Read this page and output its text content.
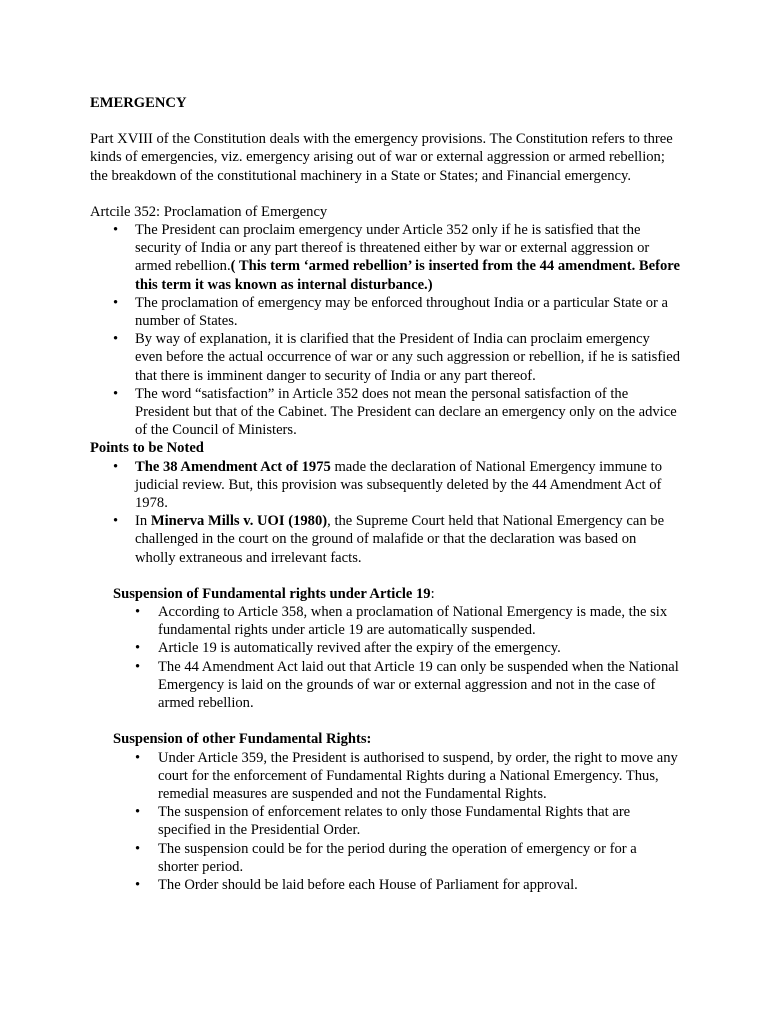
EMERGENCY

Part XVIII of the Constitution deals with the emergency provisions. The Constitution refers to three kinds of emergencies, viz. emergency arising out of war or external aggression or armed rebellion; the breakdown of the constitutional machinery in a State or States; and Financial emergency.

Artcile 352: Proclamation of Emergency

• The President can proclaim emergency under Article 352 only if he is satisfied that the security of India or any part thereof is threatened either by war or external aggression or armed rebellion.( This term ‘armed rebellion’ is inserted from the 44 amendment. Before this term it was known as internal disturbance.)
• The proclamation of emergency may be enforced throughout India or a particular State or a number of States.
• By way of explanation, it is clarified that the President of India can proclaim emergency even before the actual occurrence of war or any such aggression or rebellion, if he is satisfied that there is imminent danger to security of India or any part thereof.
• The word “satisfaction” in Article 352 does not mean the personal satisfaction of the President but that of the Cabinet. The President can declare an emergency only on the advice of the Council of Ministers.

Points to be Noted

• The 38 Amendment Act of 1975 made the declaration of National Emergency immune to judicial review. But, this provision was subsequently deleted by the 44 Amendment Act of 1978.
• In Minerva Mills v. UOI (1980), the Supreme Court held that National Emergency can be challenged in the court on the ground of malafide or that the declaration was based on wholly extraneous and irrelevant facts.

Suspension of Fundamental rights under Article 19:

• According to Article 358, when a proclamation of National Emergency is made, the six fundamental rights under article 19 are automatically suspended.
• Article 19 is automatically revived after the expiry of the emergency.
• The 44 Amendment Act laid out that Article 19 can only be suspended when the National Emergency is laid on the grounds of war or external aggression and not in the case of armed rebellion.

Suspension of other Fundamental Rights:

• Under Article 359, the President is authorised to suspend, by order, the right to move any court for the enforcement of Fundamental Rights during a National Emergency. Thus, remedial measures are suspended and not the Fundamental Rights.
• The suspension of enforcement relates to only those Fundamental Rights that are specified in the Presidential Order.
• The suspension could be for the period during the operation of emergency or for a shorter period.
• The Order should be laid before each House of Parliament for approval.
